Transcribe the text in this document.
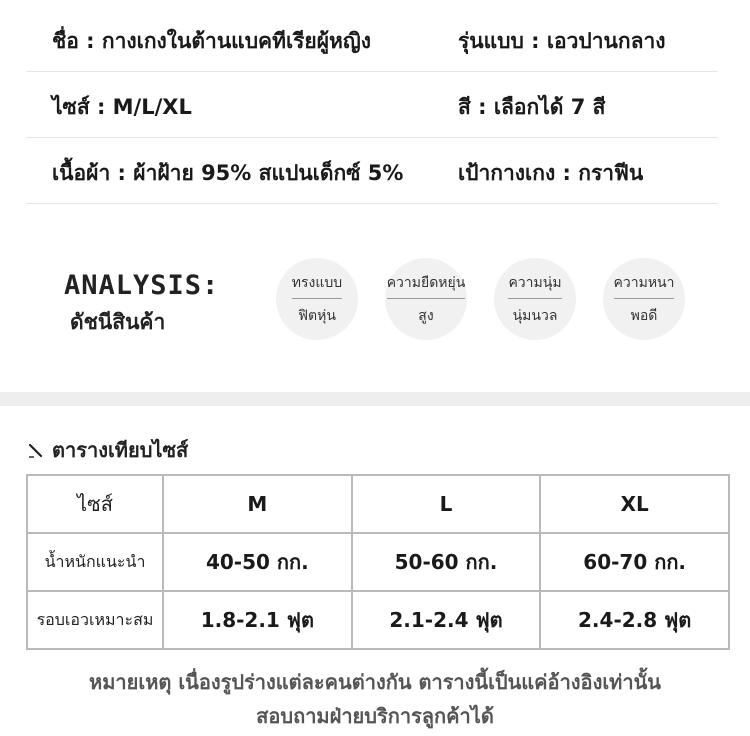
ชื่อ : กางเกงในต้านแบคทีเรียผู้หญิง	รุ่นแบบ : เอวปานกลาง
ไซส์ : M/L/XL	สี : เลือกได้ 7 สี
เนื้อผ้า : ผ้าฝ้าย 95% สแปนเด็กซ์ 5%	เป้ากางเกง : กราฟีน
ANALYSIS:
ดัชนีสินค้า
ทรงแบบ
ฟิตหุ่น
ความยืดหยุ่น
สูง
ความนุ่ม
นุ่มนวล
ความหนา
พอดี
ตารางเทียบไซส์
ไซส์	M	L	XL
น้ำหนักแนะนำ	40-50 กก.	50-60 กก.	60-70 กก.
รอบเอวเหมาะสม	1.8-2.1 ฟุต	2.1-2.4 ฟุต	2.4-2.8 ฟุต
หมายเหตุ เนื่องรูปร่างแต่ละคนต่างกัน ตารางนี้เป็นแค่อ้างอิงเท่านั้น
สอบถามฝ่ายบริการลูกค้าได้
